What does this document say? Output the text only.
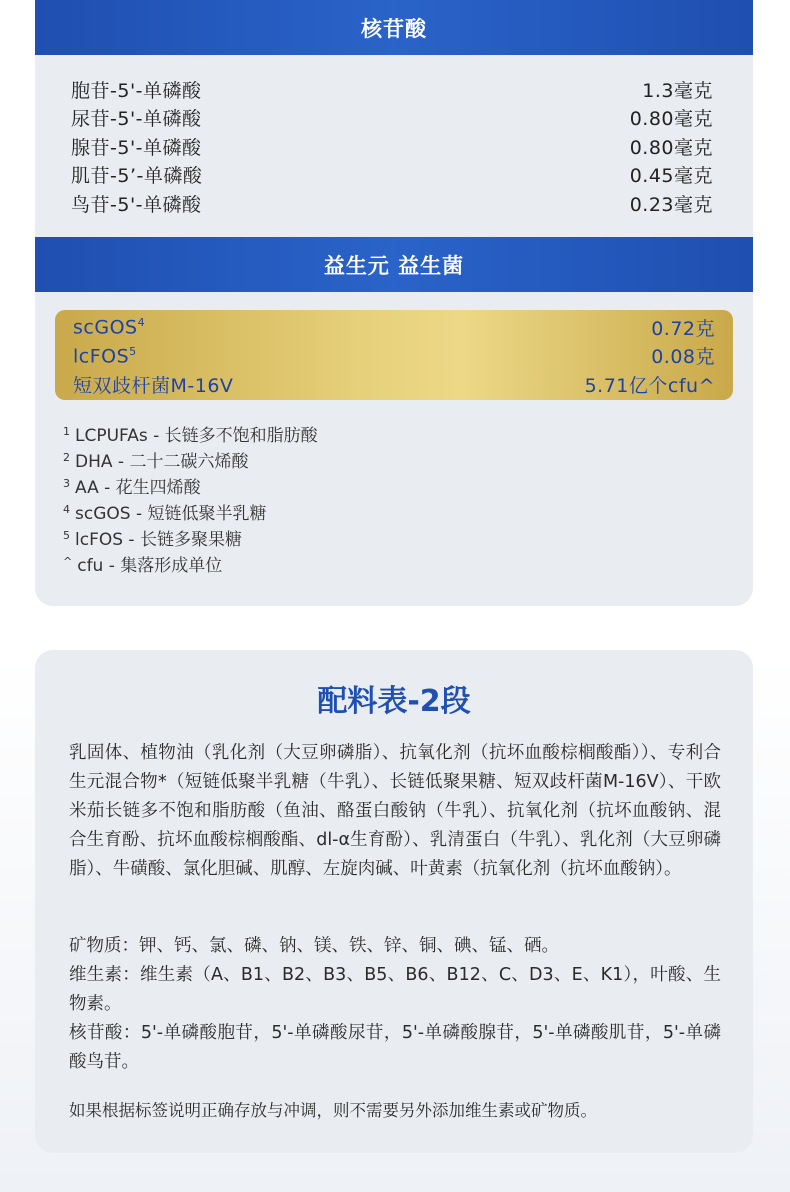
核苷酸
胞苷-5'-单磷酸	1.3毫克
尿苷-5'-单磷酸	0.80毫克
腺苷-5'-单磷酸	0.80毫克
肌苷-5’-单磷酸	0.45毫克
鸟苷-5'-单磷酸	0.23毫克
益生元 益生菌
scGOS$^4$	0.72克
lcFOS$^5$	0.08克
短双歧杆菌M-16V	5.71亿个cfu^
$^1$ LCPUFAs - 长链多不饱和脂肪酸
$^2$ DHA - 二十二碳六烯酸
$^3$ AA - 花生四烯酸
$^4$ scGOS - 短链低聚半乳糖
$^5$ lcFOS - 长链多聚果糖
^ cfu - 集落形成单位
配料表-2段
乳固体、植物油（乳化剂（大豆卵磷脂）、抗氧化剂（抗坏血酸棕榈酸酯））、专利合生元混合物*（短链低聚半乳糖（牛乳）、长链低聚果糖、短双歧杆菌M-16V）、干欧米茄长链多不饱和脂肪酸（鱼油、酪蛋白酸钠（牛乳）、抗氧化剂（抗坏血酸钠、混合生育酚、抗坏血酸棕榈酸酯、dl-α生育酚）、乳清蛋白（牛乳）、乳化剂（大豆卵磷脂）、牛磺酸、氯化胆碱、肌醇、左旋肉碱、叶黄素（抗氧化剂（抗坏血酸钠）。
矿物质：钾、钙、氯、磷、钠、镁、铁、锌、铜、碘、锰、硒。
维生素：维生素（A、B1、B2、B3、B5、B6、B12、C、D3、E、K1），叶酸、生物素。
核苷酸：5'-单磷酸胞苷，5'-单磷酸尿苷，5'-单磷酸腺苷，5'-单磷酸肌苷，5'-单磷酸鸟苷。
如果根据标签说明正确存放与冲调，则不需要另外添加维生素或矿物质。
